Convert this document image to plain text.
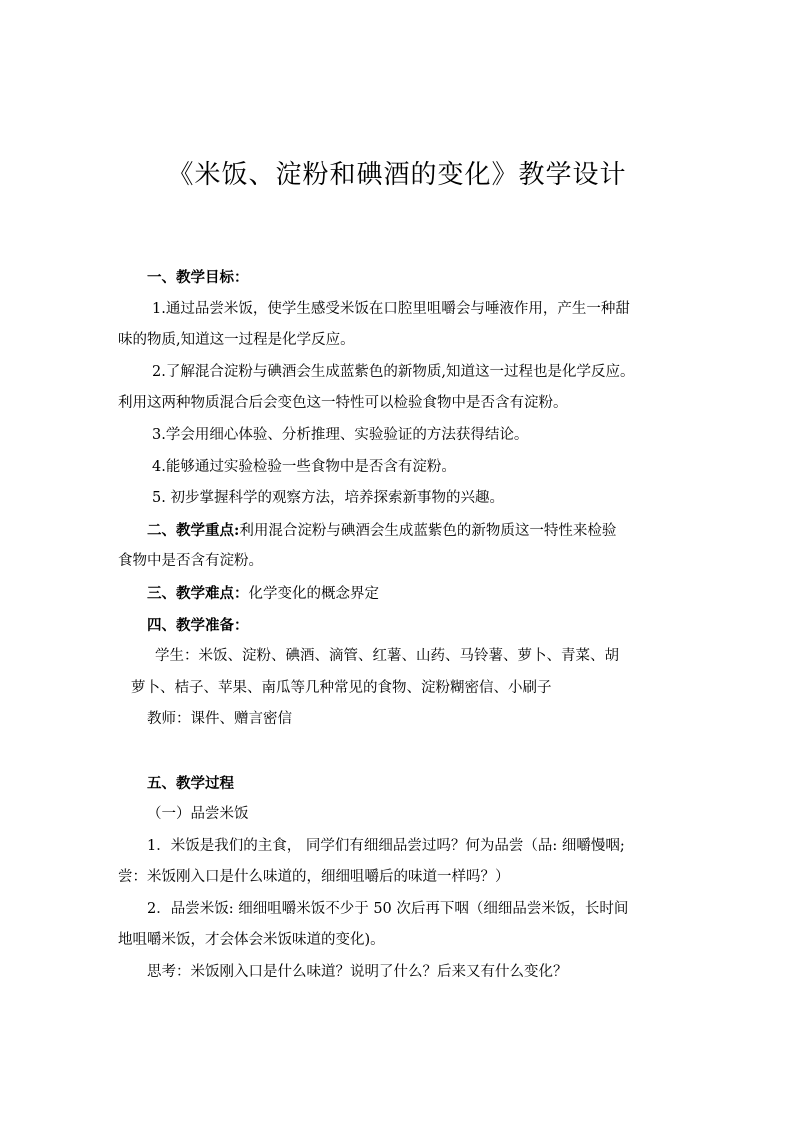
《米饭、淀粉和碘酒的变化》教学设计
一、教学目标：
1.通过品尝米饭，使学生感受米饭在口腔里咀嚼会与唾液作用，产生一种甜
味的物质,知道这一过程是化学反应。
2.了解混合淀粉与碘酒会生成蓝紫色的新物质,知道这一过程也是化学反应。
利用这两种物质混合后会变色这一特性可以检验食物中是否含有淀粉。
3.学会用细心体验、分析推理、实验验证的方法获得结论。
4.能够通过实验检验一些食物中是否含有淀粉。
5. 初步掌握科学的观察方法，培养探索新事物的兴趣。
二、教学重点:利用混合淀粉与碘酒会生成蓝紫色的新物质这一特性来检验
食物中是否含有淀粉。
三、教学难点：化学变化的概念界定
四、教学准备：
学生：米饭、淀粉、碘酒、滴管、红薯、山药、马铃薯、萝卜、青菜、胡
萝卜、桔子、苹果、南瓜等几种常见的食物、淀粉糊密信、小刷子
教师：课件、赠言密信
五、教学过程
（一）品尝米饭
1．米饭是我们的主食， 同学们有细细品尝过吗？何为品尝（品: 细嚼慢咽;
尝：米饭刚入口是什么味道的，细细咀嚼后的味道一样吗？）
2．品尝米饭: 细细咀嚼米饭不少于 50 次后再下咽（细细品尝米饭，长时间
地咀嚼米饭，才会体会米饭味道的变化)。
思考：米饭刚入口是什么味道？说明了什么？后来又有什么变化？
